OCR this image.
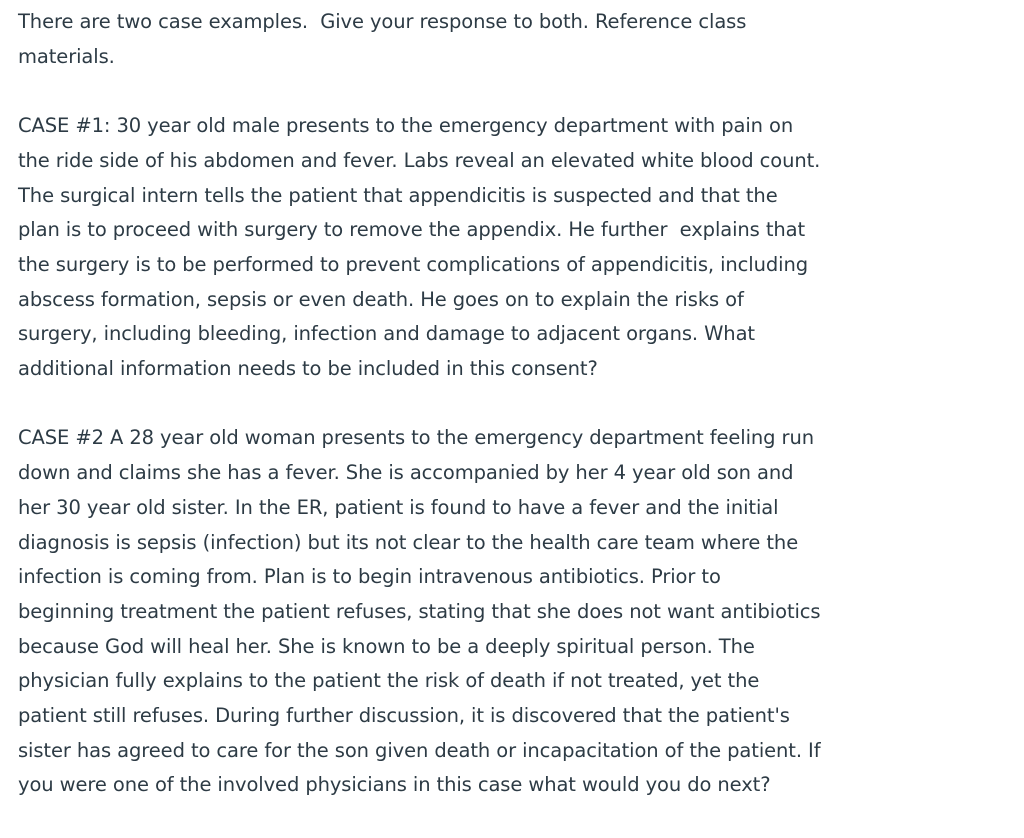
There are two case examples.  Give your response to both. Reference class
materials.

CASE #1: 30 year old male presents to the emergency department with pain on
the ride side of his abdomen and fever. Labs reveal an elevated white blood count.
The surgical intern tells the patient that appendicitis is suspected and that the
plan is to proceed with surgery to remove the appendix. He further  explains that
the surgery is to be performed to prevent complications of appendicitis, including
abscess formation, sepsis or even death. He goes on to explain the risks of
surgery, including bleeding, infection and damage to adjacent organs. What
additional information needs to be included in this consent?

CASE #2 A 28 year old woman presents to the emergency department feeling run
down and claims she has a fever. She is accompanied by her 4 year old son and
her 30 year old sister. In the ER, patient is found to have a fever and the initial
diagnosis is sepsis (infection) but its not clear to the health care team where the
infection is coming from. Plan is to begin intravenous antibiotics. Prior to
beginning treatment the patient refuses, stating that she does not want antibiotics
because God will heal her. She is known to be a deeply spiritual person. The
physician fully explains to the patient the risk of death if not treated, yet the
patient still refuses. During further discussion, it is discovered that the patient's
sister has agreed to care for the son given death or incapacitation of the patient. If
you were one of the involved physicians in this case what would you do next?
